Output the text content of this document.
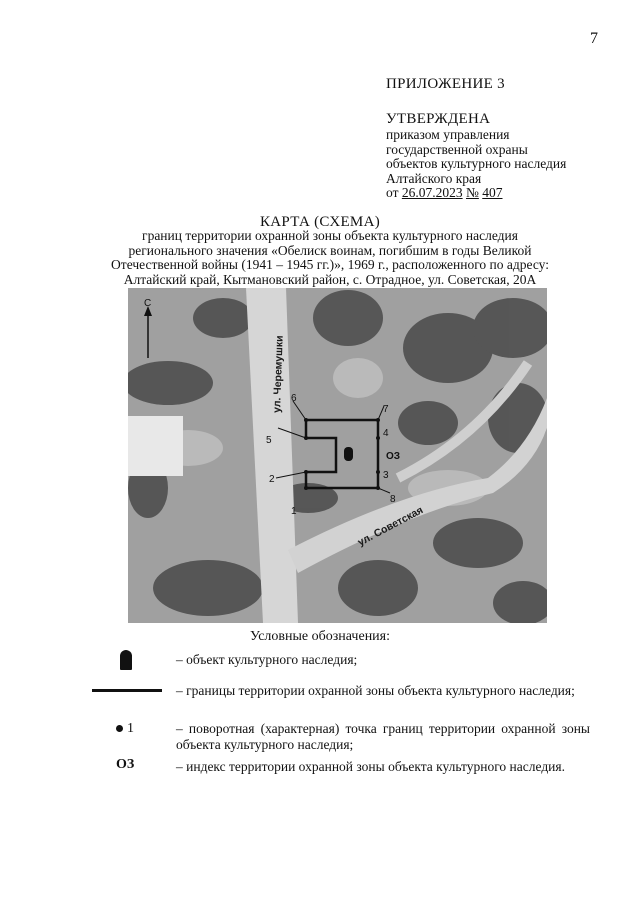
7
ПРИЛОЖЕНИЕ 3
УТВЕРЖДЕНА
приказом управления
государственной охраны
объектов культурного наследия
Алтайского края
от 26.07.2023 № 407
КАРТА (СХЕМА)
границ территории охранной зоны объекта культурного наследия
регионального значения «Обелиск воинам, погибшим в годы Великой
Отечественной войны (1941 – 1945 гг.)», 1969 г., расположенного по адресу:
Алтайский край, Кытмановский район, с. Отрадное, ул. Советская, 20А
С
ул. Черемушки
ул. Советская
1
2	3
4
5
6
7
8
ОЗ
Условные обозначения:
– объект культурного наследия;
– границы территории охранной зоны объекта культурного наследия;
1	– поворотная (характерная) точка границ территории охранной зоны объекта культурного наследия;
ОЗ	– индекс территории охранной зоны объекта культурного наследия.
